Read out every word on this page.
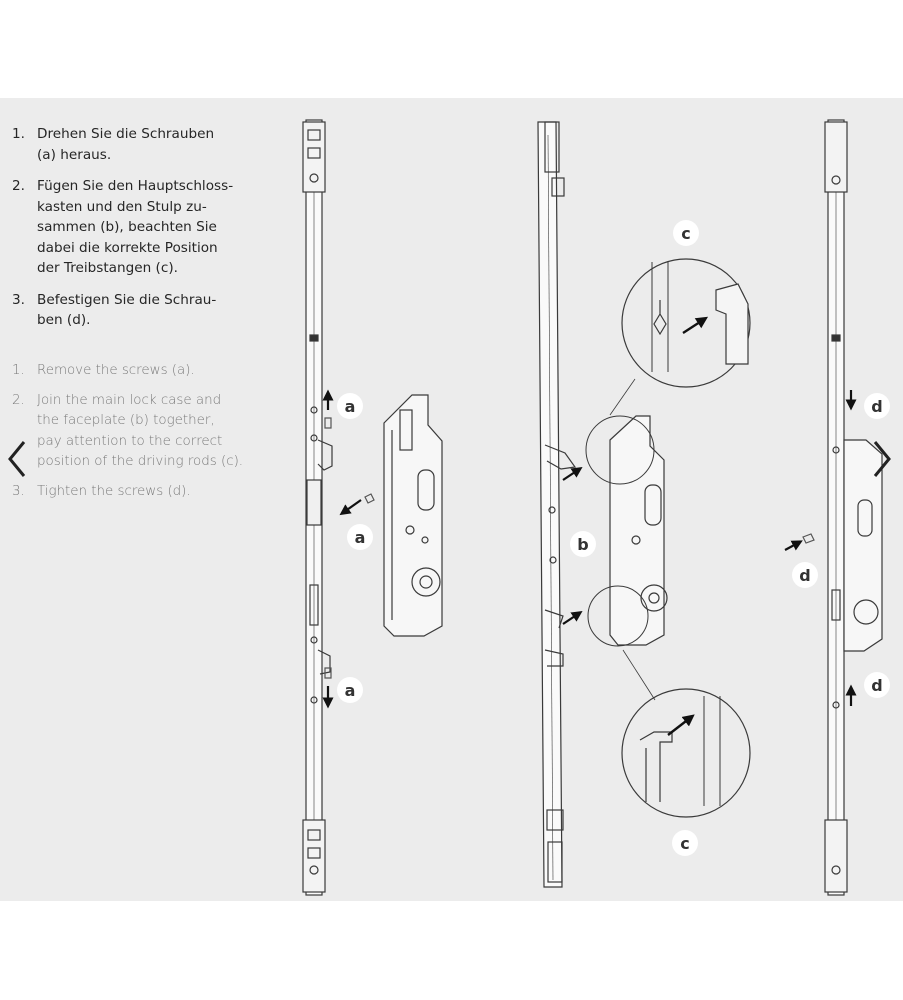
1. Drehen Sie die Schrauben
(a) heraus.
2. Fügen Sie den Hauptschloss-
kasten und den Stulp zu-
sammen (b), beachten Sie
dabei die korrekte Position
der Treibstangen (c).
3. Befestigen Sie die Schrau-
ben (d).
1. Remove the screws (a).
2. Join the main lock case and
the faceplate (b) together,
pay attention to the correct
position of the driving rods (c).
3. Tighten the screws (d).
a
a
a
b
c
c
d
d
d
